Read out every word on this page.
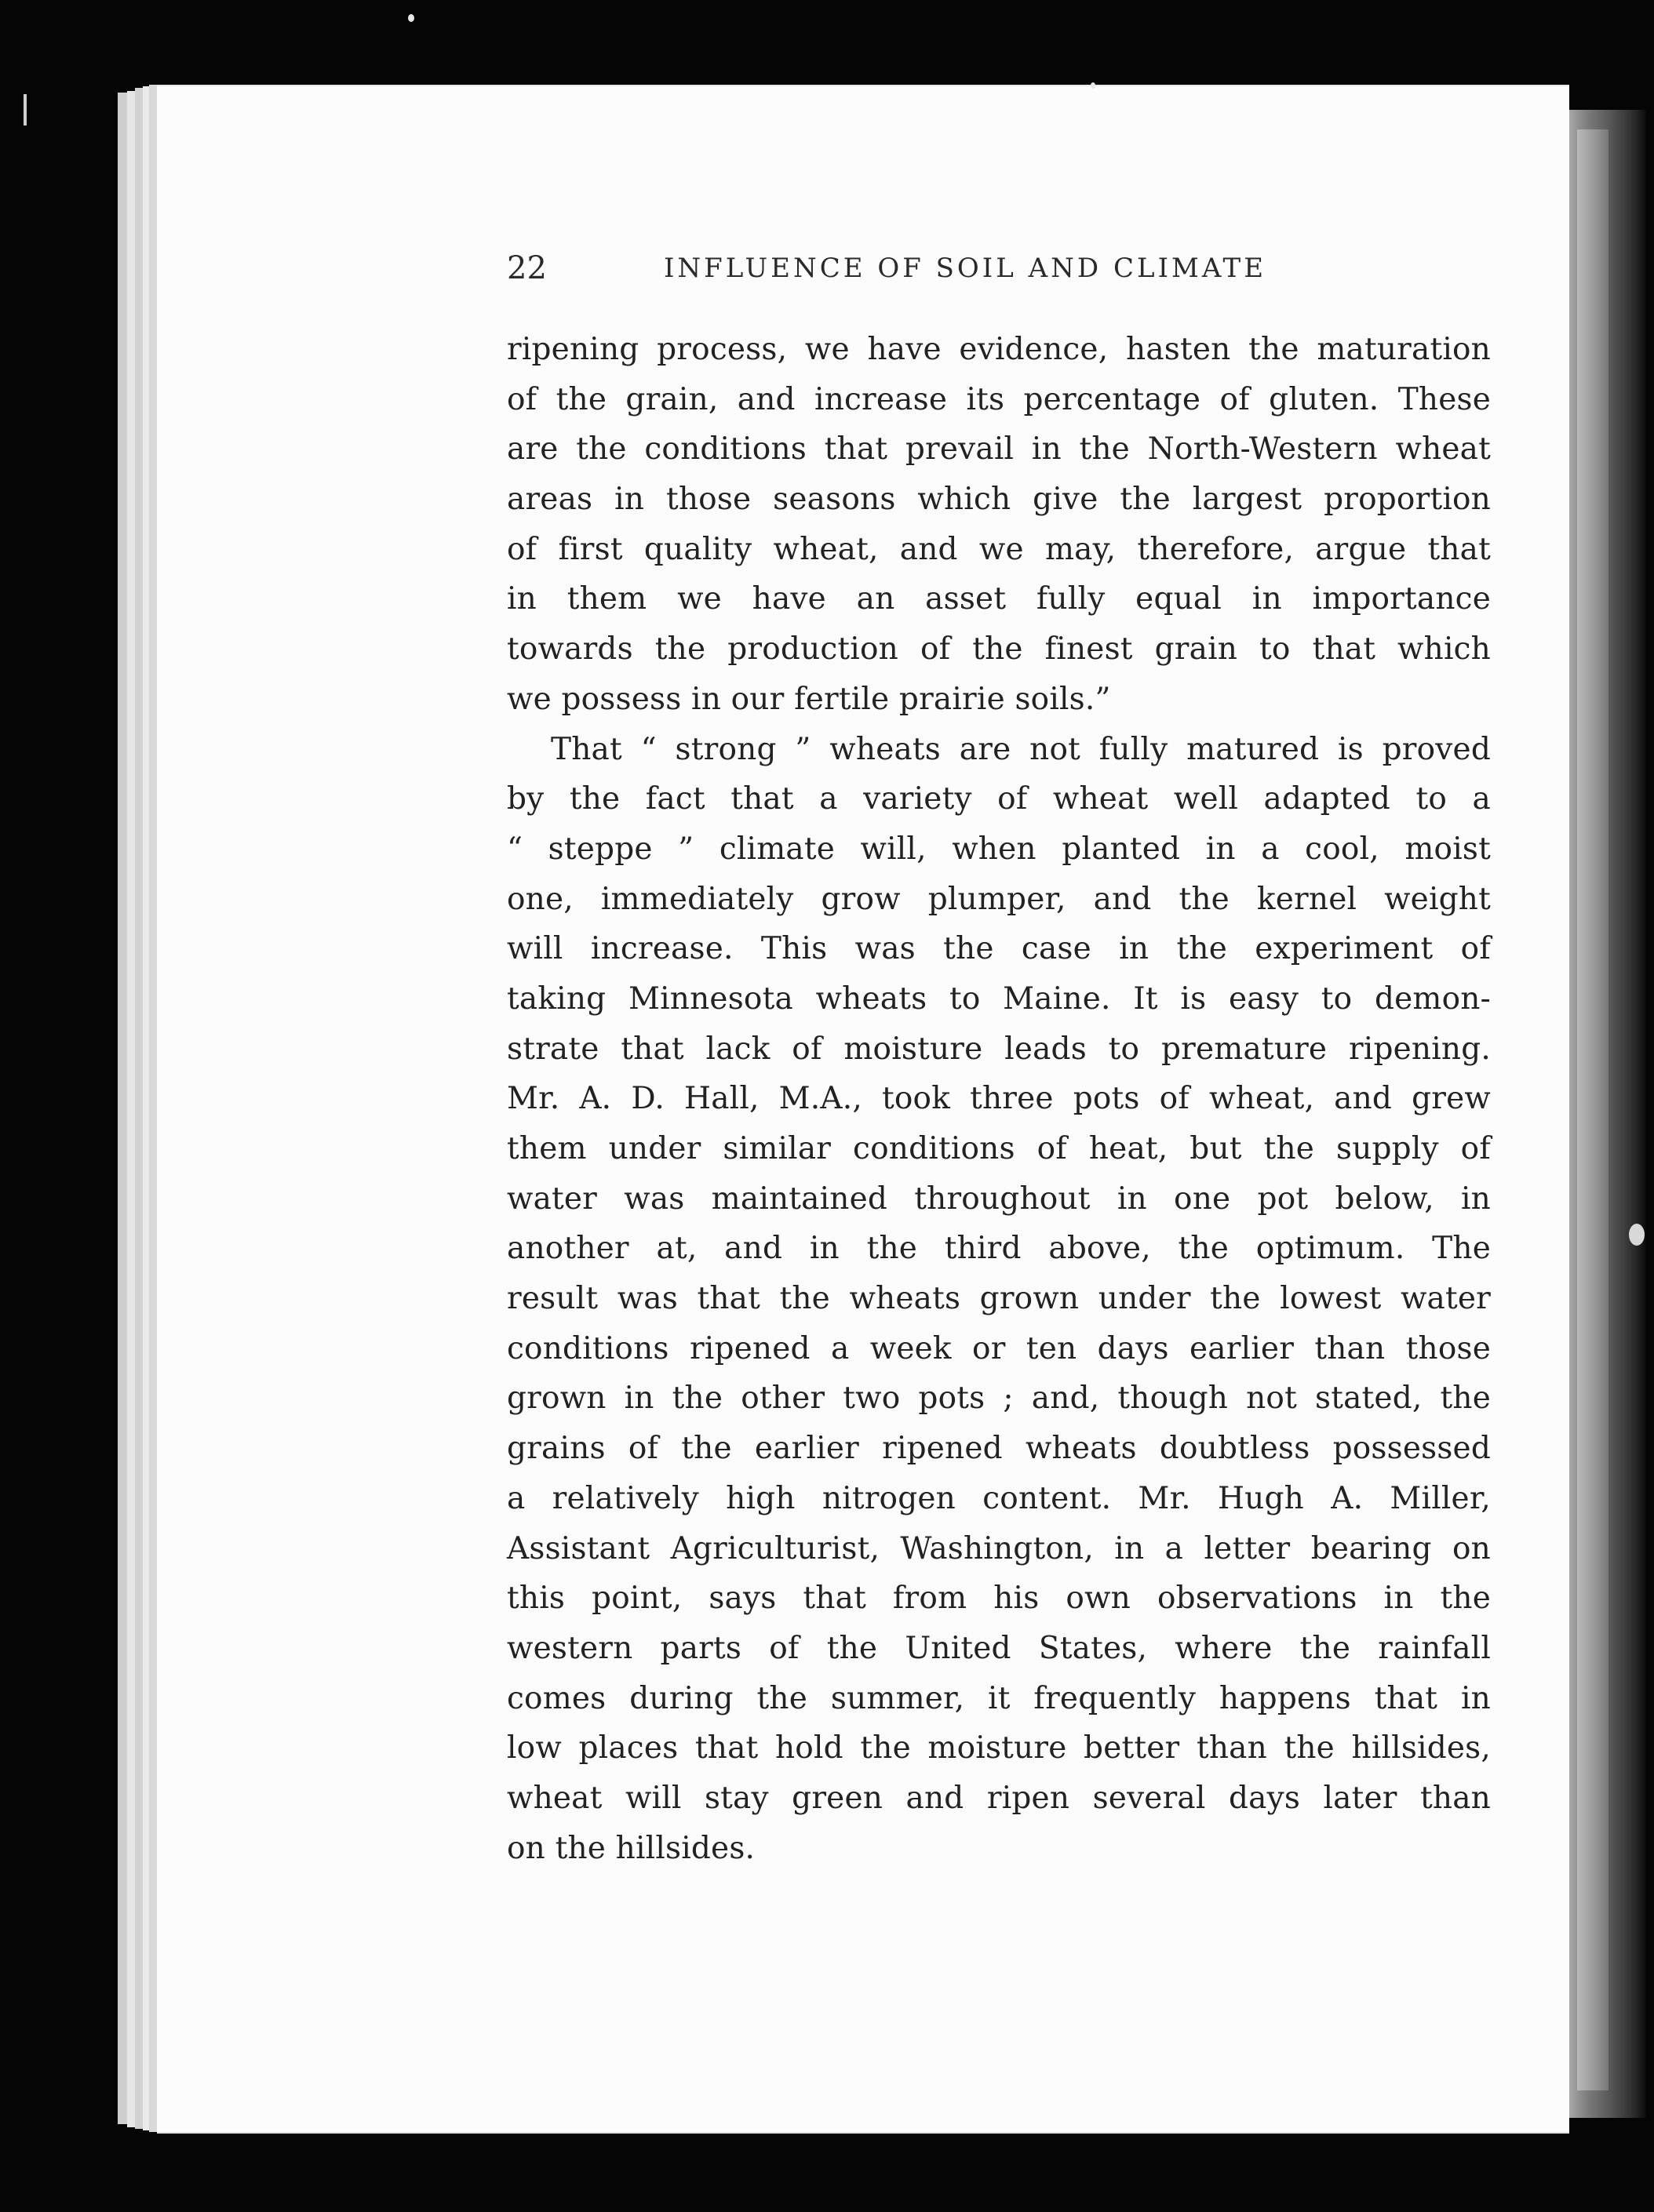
22	INFLUENCE OF SOIL AND CLIMATE
ripening process, we have evidence, hasten the maturation
of the grain, and increase its percentage of gluten. These
are the conditions that prevail in the North-Western wheat
areas in those seasons which give the largest proportion
of first quality wheat, and we may, therefore, argue that
in them we have an asset fully equal in importance
towards the production of the finest grain to that which
we possess in our fertile prairie soils.”
That “ strong ” wheats are not fully matured is proved
by the fact that a variety of wheat well adapted to a
“ steppe ” climate will, when planted in a cool, moist
one, immediately grow plumper, and the kernel weight
will increase. This was the case in the experiment of
taking Minnesota wheats to Maine. It is easy to demon-
strate that lack of moisture leads to premature ripening.
Mr. A. D. Hall, M.A., took three pots of wheat, and grew
them under similar conditions of heat, but the supply of
water was maintained throughout in one pot below, in
another at, and in the third above, the optimum. The
result was that the wheats grown under the lowest water
conditions ripened a week or ten days earlier than those
grown in the other two pots ; and, though not stated, the
grains of the earlier ripened wheats doubtless possessed
a relatively high nitrogen content. Mr. Hugh A. Miller,
Assistant Agriculturist, Washington, in a letter bearing on
this point, says that from his own observations in the
western parts of the United States, where the rainfall
comes during the summer, it frequently happens that in
low places that hold the moisture better than the hillsides,
wheat will stay green and ripen several days later than
on the hillsides.
